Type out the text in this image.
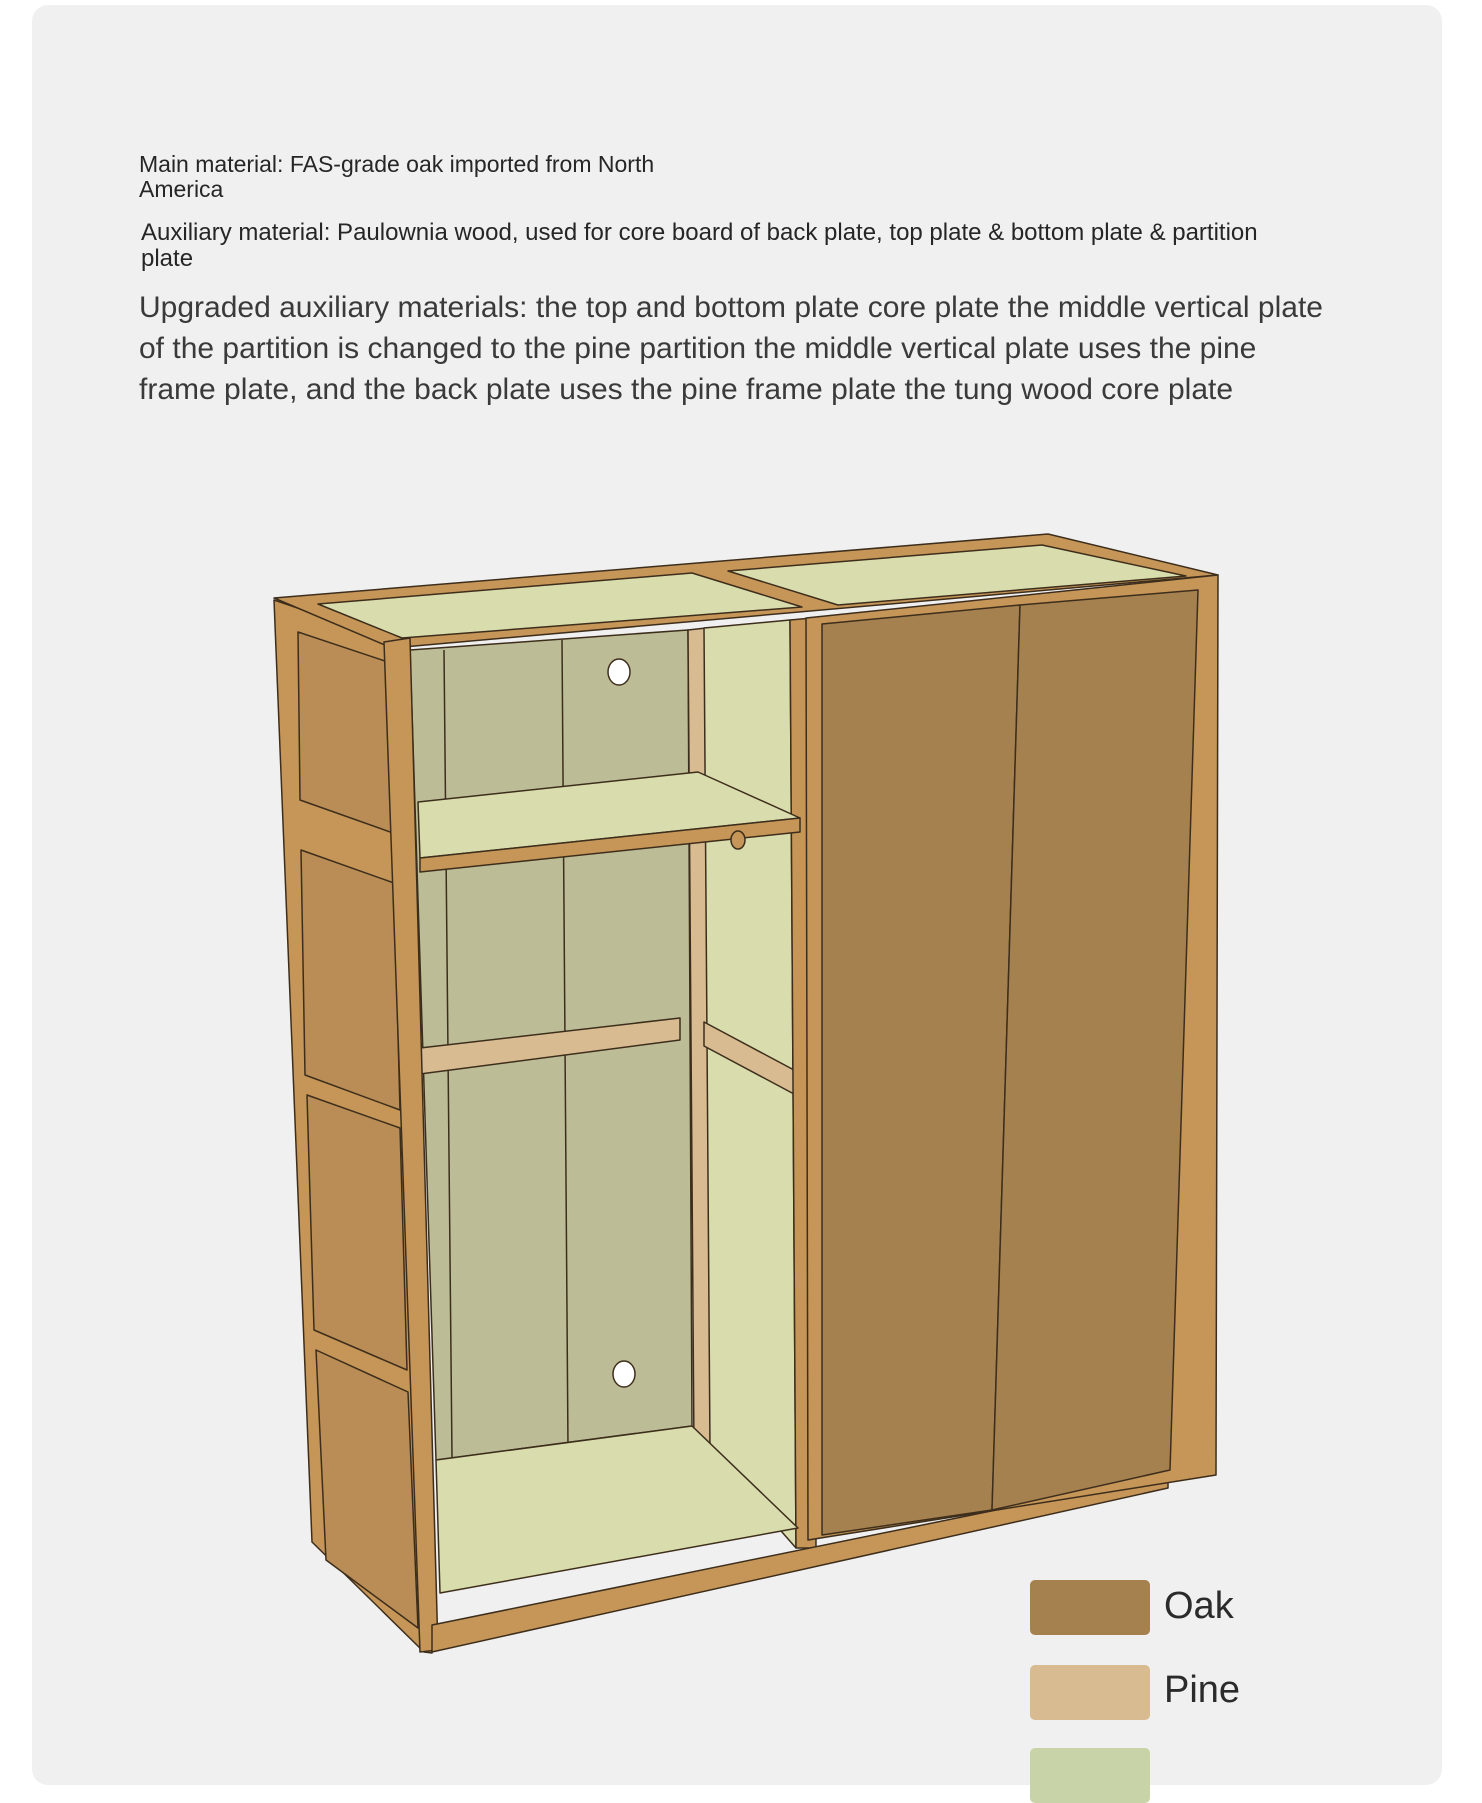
Main material: FAS-grade oak imported from North America
Auxiliary material: Paulownia wood, used for core board of back plate, top plate & bottom plate & partition plate
Upgraded auxiliary materials: the top and bottom plate core plate the middle vertical plate of the partition is changed to the pine partition the middle vertical plate uses the pine frame plate, and the back plate uses the pine frame plate the tung wood core plate
Oak
Pine
